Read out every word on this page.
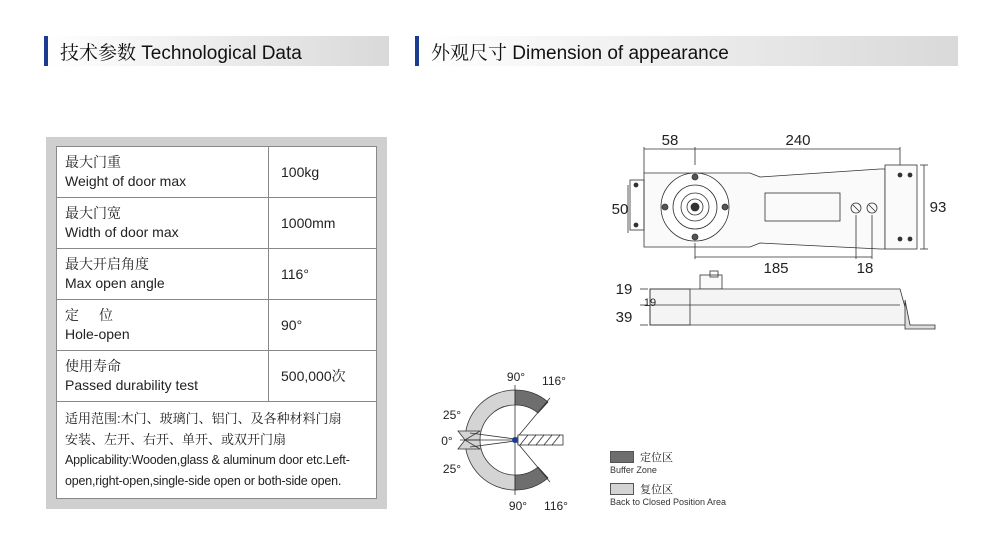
技术参数 Technological Data	外观尺寸 Dimension of appearance
最大门重
Weight of door max	100kg

最大门宽
Width of door max	1000mm

最大开启角度
Max open angle	116°

定位
Hole-open	90°

使用寿命
Passed durability test	500,000次

适用范围:木门、玻璃门、铝门、及各种材料门扇
安装、左开、右开、单开、或双开门扇
Applicability:Wooden,glass & aluminum door etc.Left-
open,right-open,single-side open or both-side open.	
58	240
50	93
185	18
19
19
39
90° 116°
25°
0°
25°
90° 116°
定位区
Buffer Zone
复位区
Back to Closed Position Area
